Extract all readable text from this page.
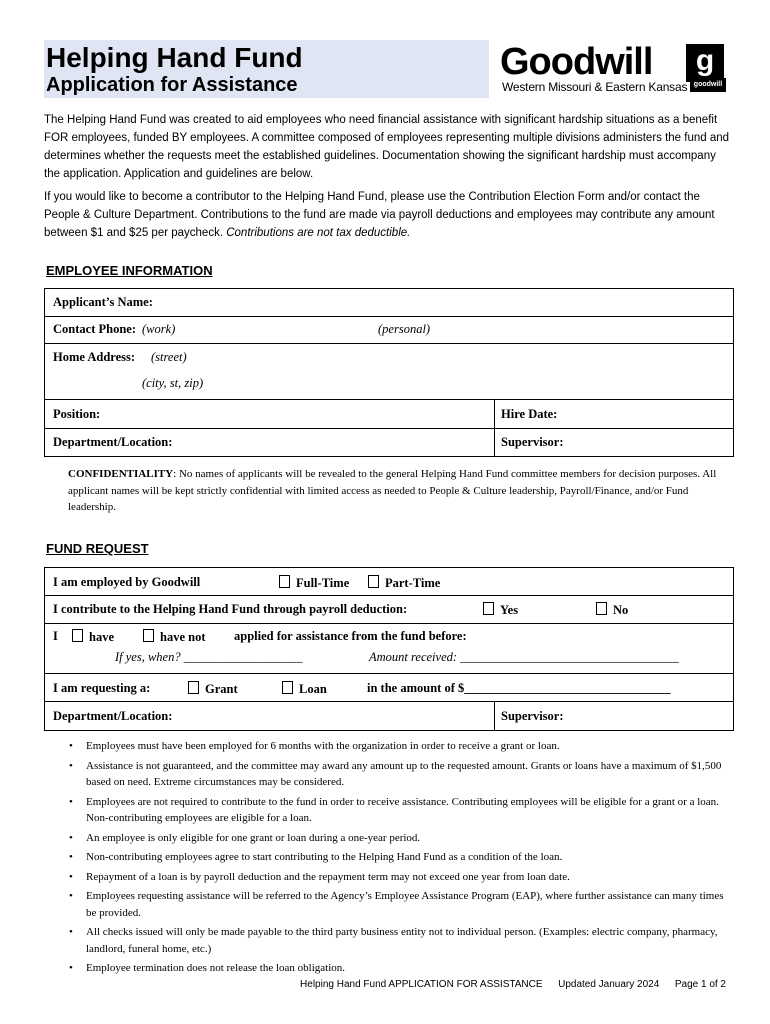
Helping Hand Fund
Application for Assistance
Goodwill	g
goodwill
Western Missouri & Eastern Kansas
The Helping Hand Fund was created to aid employees who need financial assistance with significant hardship situations as a benefit FOR employees, funded BY employees. A committee composed of employees representing multiple divisions administers the fund and determines whether the requests meet the established guidelines. Documentation showing the significant hardship must accompany the application. Application and guidelines are below.
If you would like to become a contributor to the Helping Hand Fund, please use the Contribution Election Form and/or contact the People & Culture Department. Contributions to the fund are made via payroll deductions and employees may contribute any amount between $1 and $25 per paycheck. Contributions are not tax deductible.
EMPLOYEE INFORMATION
Applicant’s Name:
Contact Phone: (work)	(personal)
Home Address: (street)
(city, st, zip)
Position:	Hire Date:
Department/Location:	Supervisor:
CONFIDENTIALITY: No names of applicants will be revealed to the general Helping Hand Fund committee members for decision purposes. All applicant names will be kept strictly confidential with limited access as needed to People & Culture leadership, Payroll/Finance, and/or Fund leadership.
FUND REQUEST
I am employed by Goodwill	Full-Time	Part-Time
I contribute to the Helping Hand Fund through payroll deduction:	Yes	No
I	have	have not applied for assistance from the fund before:
If yes, when? ___________________	Amount received: ___________________________________
I am requesting a:	Grant	Loan	in the amount of $_________________________________
Department/Location:	Supervisor:
• Employees must have been employed for 6 months with the organization in order to receive a grant or loan.
• Assistance is not guaranteed, and the committee may award any amount up to the requested amount. Grants or loans have a maximum of $1,500 based on need. Extreme circumstances may be considered.
• Employees are not required to contribute to the fund in order to receive assistance. Contributing employees will be eligible for a grant or a loan. Non-contributing employees are eligible for a loan.
• An employee is only eligible for one grant or loan during a one-year period.
• Non-contributing employees agree to start contributing to the Helping Hand Fund as a condition of the loan.
• Repayment of a loan is by payroll deduction and the repayment term may not exceed one year from loan date.
• Employees requesting assistance will be referred to the Agency’s Employee Assistance Program (EAP), where further assistance can many times be provided.
• All checks issued will only be made payable to the third party business entity not to individual person. (Examples: electric company, pharmacy, landlord, funeral home, etc.)
• Employee termination does not release the loan obligation.
Helping Hand Fund APPLICATION FOR ASSISTANCE Updated January 2024 Page 1 of 2
